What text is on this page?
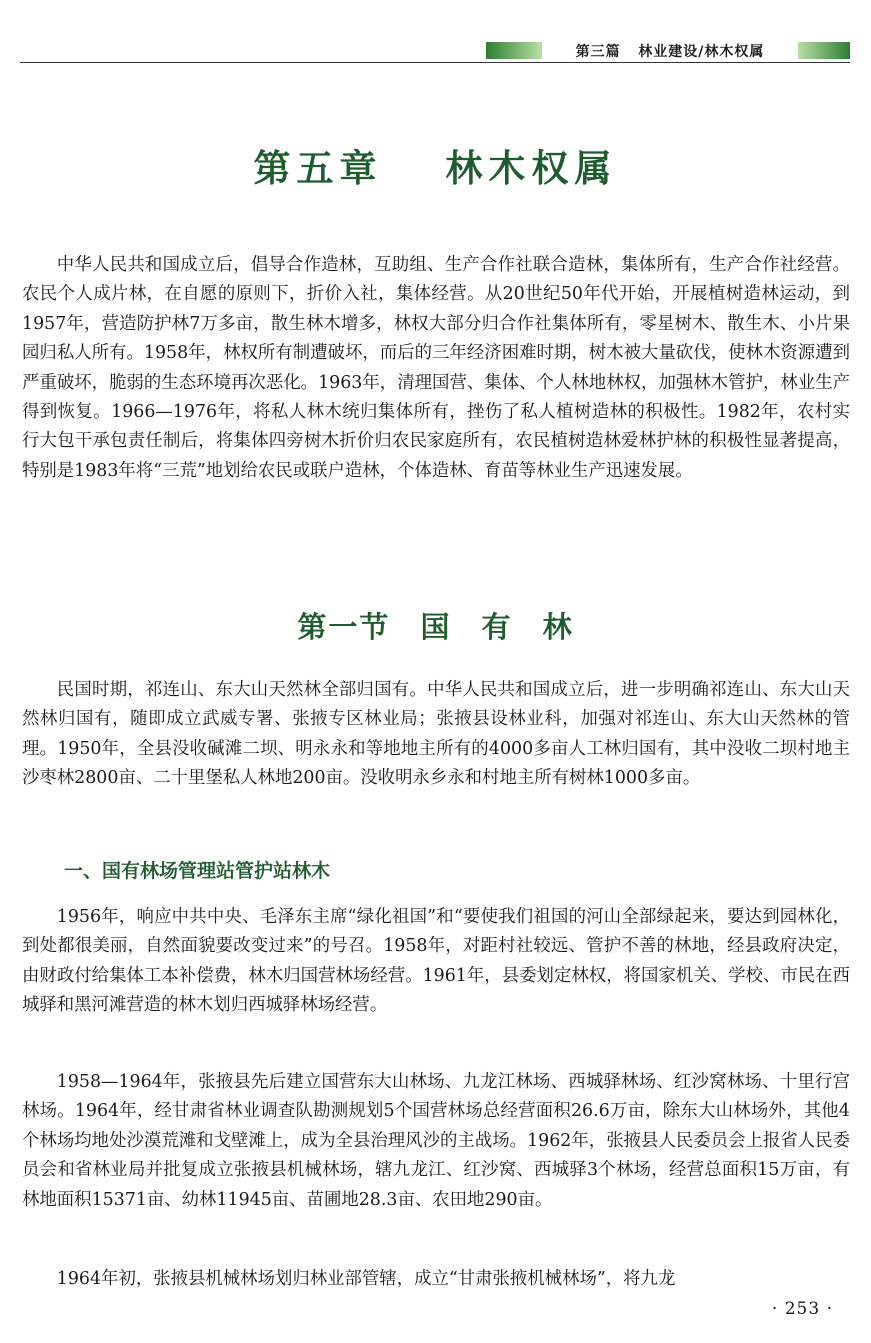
第三篇 林业建设/林木权属
第五章 林木权属

中华人民共和国成立后，倡导合作造林，互助组、生产合作社联合造林，集体所有，生产合作社经营。农民个人成片林，在自愿的原则下，折价入社，集体经营。从20世纪50年代开始，开展植树造林运动，到1957年，营造防护林7万多亩，散生林木增多，林权大部分归合作社集体所有，零星树木、散生木、小片果园归私人所有。1958年，林权所有制遭破坏，而后的三年经济困难时期，树木被大量砍伐，使林木资源遭到严重破坏，脆弱的生态环境再次恶化。1963年，清理国营、集体、个人林地林权，加强林木管护，林业生产得到恢复。1966—1976年，将私人林木统归集体所有，挫伤了私人植树造林的积极性。1982年，农村实行大包干承包责任制后，将集体四旁树木折价归农民家庭所有，农民植树造林爱林护林的积极性显著提高，特别是1983年将“三荒”地划给农民或联户造林，个体造林、育苗等林业生产迅速发展。

第一节 国 有 林

民国时期，祁连山、东大山天然林全部归国有。中华人民共和国成立后，进一步明确祁连山、东大山天然林归国有，随即成立武威专署、张掖专区林业局；张掖县设林业科，加强对祁连山、东大山天然林的管理。1950年，全县没收碱滩二坝、明永永和等地地主所有的4000多亩人工林归国有，其中没收二坝村地主沙枣林2800亩、二十里堡私人林地200亩。没收明永乡永和村地主所有树林1000多亩。

一、国有林场管理站管护站林木

1956年，响应中共中央、毛泽东主席“绿化祖国”和“要使我们祖国的河山全部绿起来，要达到园林化，到处都很美丽，自然面貌要改变过来”的号召。1958年，对距村社较远、管护不善的林地，经县政府决定，由财政付给集体工本补偿费，林木归国营林场经营。1961年，县委划定林权，将国家机关、学校、市民在西城驿和黑河滩营造的林木划归西城驿林场经营。

1958—1964年，张掖县先后建立国营东大山林场、九龙江林场、西城驿林场、红沙窝林场、十里行宫林场。1964年，经甘肃省林业调查队勘测规划5个国营林场总经营面积26.6万亩，除东大山林场外，其他4个林场均地处沙漠荒滩和戈壁滩上，成为全县治理风沙的主战场。1962年，张掖县人民委员会上报省人民委员会和省林业局并批复成立张掖县机械林场，辖九龙江、红沙窝、西城驿3个林场，经营总面积15万亩，有林地面积15371亩、幼林11945亩、苗圃地28.3亩、农田地290亩。

1964年初，张掖县机械林场划归林业部管辖，成立“甘肃张掖机械林场”，将九龙

· 253 ·
